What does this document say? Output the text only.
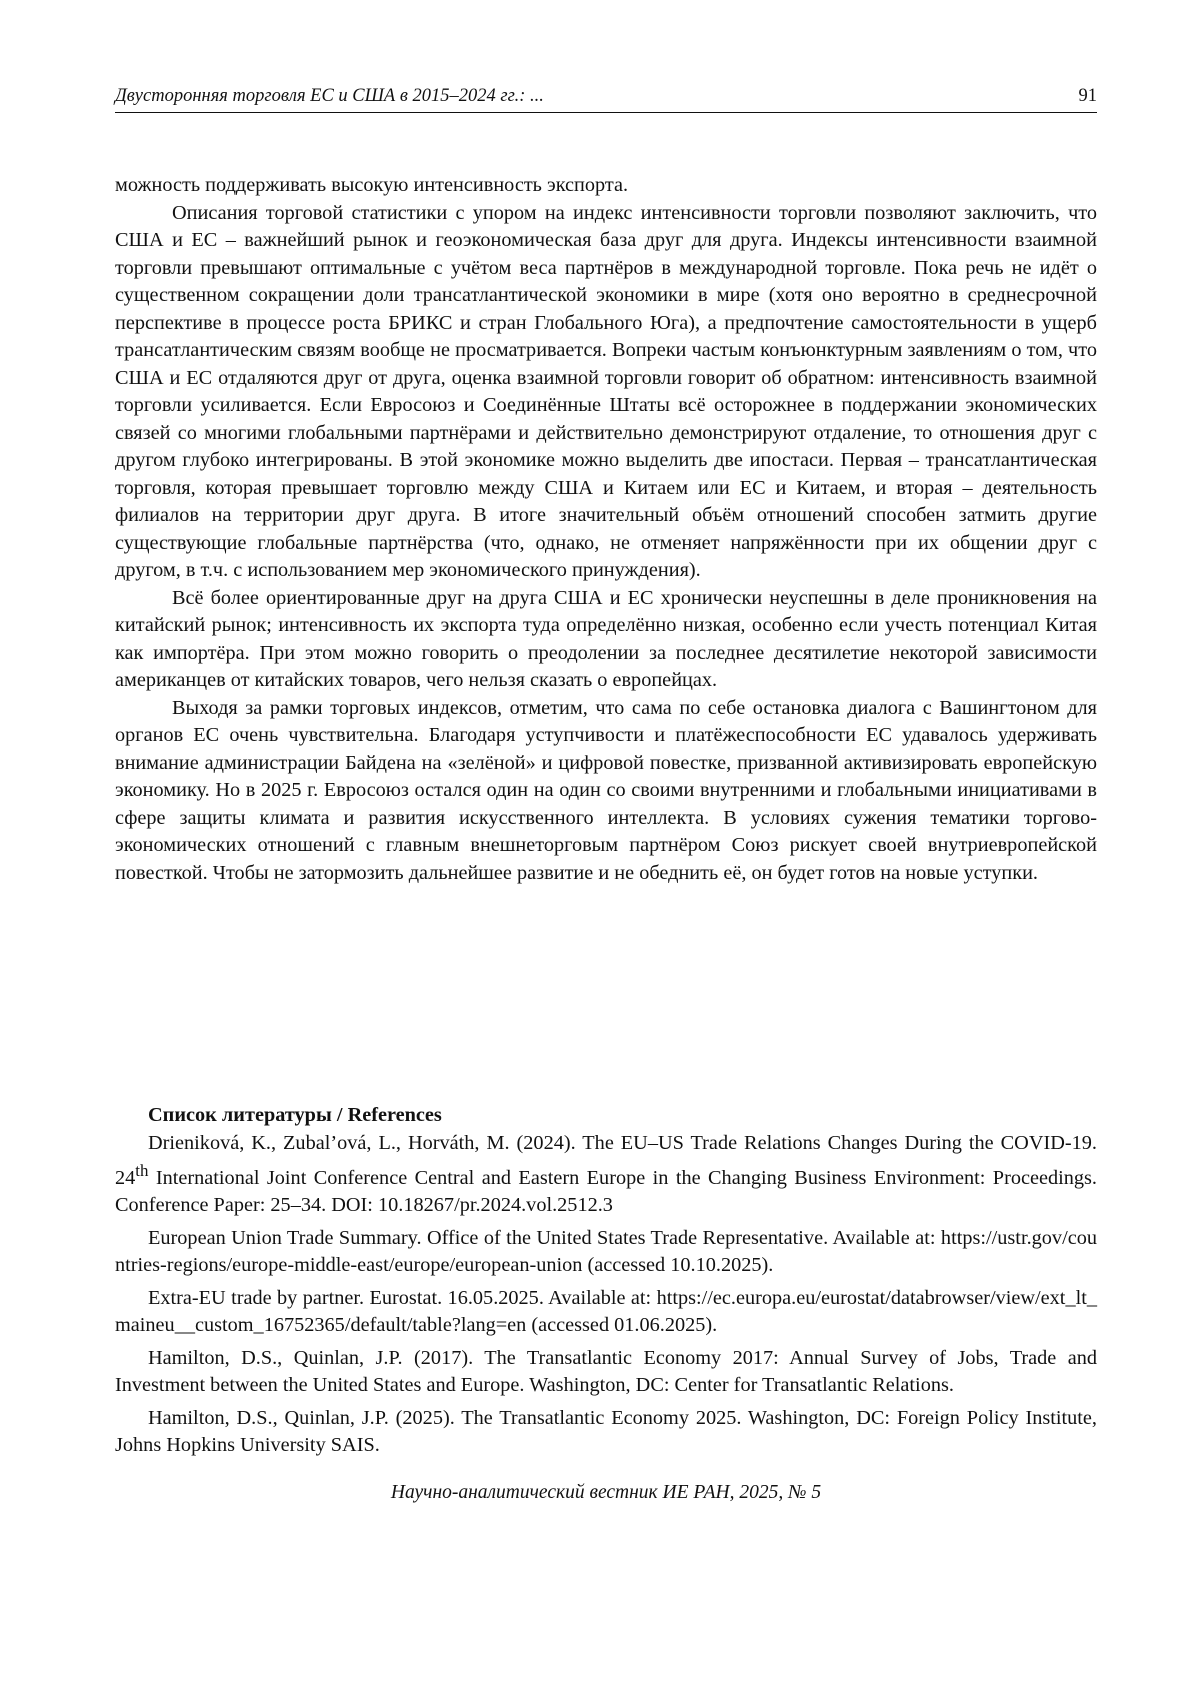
Двусторонняя торговля ЕС и США в 2015–2024 гг.: ...	91

можность поддерживать высокую интенсивность экспорта.

Описания торговой статистики с упором на индекс интенсивности торговли позволяют заключить, что США и ЕС – важнейший рынок и геоэкономическая база друг для друга. Индексы интенсивности взаимной торговли превышают оптимальные с учётом веса партнёров в международной торговле. Пока речь не идёт о существенном сокращении доли трансатлантической экономики в мире (хотя оно вероятно в среднесрочной перспективе в процессе роста БРИКС и стран Глобального Юга), а предпочтение самостоятельности в ущерб трансатлантическим связям вообще не просматривается. Вопреки частым конъюнктурным заявлениям о том, что США и ЕС отдаляются друг от друга, оценка взаимной торговли говорит об обратном: интенсивность взаимной торговли усиливается. Если Евросоюз и Соединённые Штаты всё осторожнее в поддержании экономических связей со многими глобальными партнёрами и действительно демонстрируют отдаление, то отношения друг с другом глубоко интегрированы. В этой экономике можно выделить две ипостаси. Первая – трансатлантическая торговля, которая превышает торговлю между США и Китаем или ЕС и Китаем, и вторая – деятельность филиалов на территории друг друга. В итоге значительный объём отношений способен затмить другие существующие глобальные партнёрства (что, однако, не отменяет напряжённости при их общении друг с другом, в т.ч. с использованием мер экономического принуждения).

Всё более ориентированные друг на друга США и ЕС хронически неуспешны в деле проникновения на китайский рынок; интенсивность их экспорта туда определённо низкая, особенно если учесть потенциал Китая как импортёра. При этом можно говорить о преодолении за последнее десятилетие некоторой зависимости американцев от китайских товаров, чего нельзя сказать о европейцах.

Выходя за рамки торговых индексов, отметим, что сама по себе остановка диалога с Вашингтоном для органов ЕС очень чувствительна. Благодаря уступчивости и платёжеспособности ЕС удавалось удерживать внимание администрации Байдена на «зелёной» и цифровой повестке, призванной активизировать европейскую экономику. Но в 2025 г. Евросоюз остался один на один со своими внутренними и глобальными инициативами в сфере защиты климата и развития искусственного интеллекта. В условиях сужения тематики торгово-экономических отношений с главным внешнеторговым партнёром Союз рискует своей внутриевропейской повесткой. Чтобы не затормозить дальнейшее развитие и не обеднить её, он будет готов на новые уступки.

Список литературы / References

Drieniková, K., Zubal’ová, L., Horváth, M. (2024). The EU–US Trade Relations Changes During the COVID-19. 24th International Joint Conference Central and Eastern Europe in the Changing Business Environment: Proceedings. Conference Paper: 25–34. DOI: 10.18267/pr.2024.vol.2512.3

European Union Trade Summary. Office of the United States Trade Representative. Available at: https://ustr.gov/countries-regions/europe-middle-east/europe/european-union (accessed 10.10.2025).

Extra-EU trade by partner. Eurostat. 16.05.2025. Available at: https://ec.europa.eu/eurostat/databrowser/view/ext_lt_maineu__custom_16752365/default/table?lang=en (accessed 01.06.2025).

Hamilton, D.S., Quinlan, J.P. (2017). The Transatlantic Economy 2017: Annual Survey of Jobs, Trade and Investment between the United States and Europe. Washington, DC: Center for Transatlantic Relations.

Hamilton, D.S., Quinlan, J.P. (2025). The Transatlantic Economy 2025. Washington, DC: Foreign Policy Institute, Johns Hopkins University SAIS.

Научно-аналитический вестник ИЕ РАН, 2025, № 5
